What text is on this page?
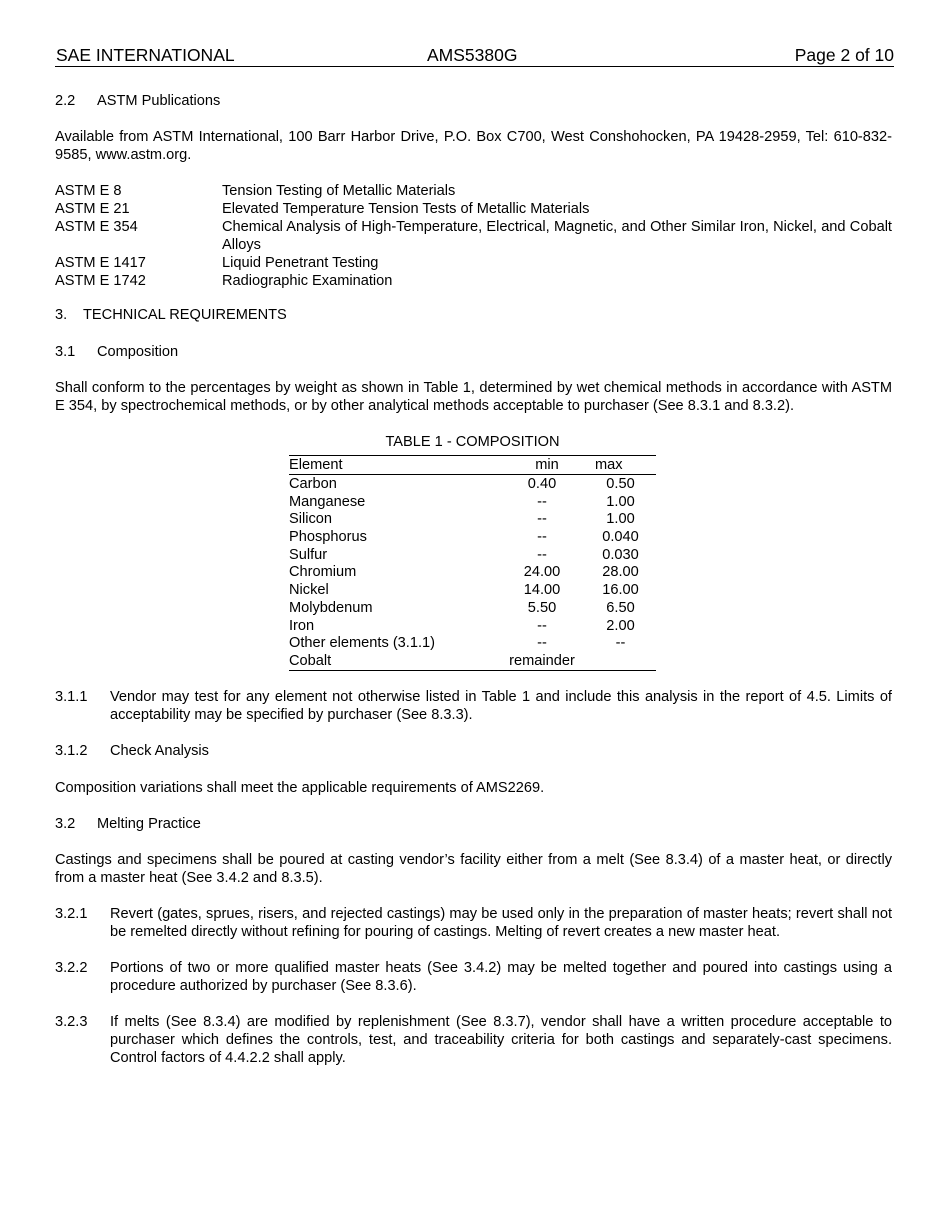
SAE INTERNATIONAL	AMS5380G	Page 2 of 10
2.2 ASTM Publications
Available from ASTM International, 100 Barr Harbor Drive, P.O. Box C700, West Conshohocken, PA 19428-2959, Tel: 610-832-9585, www.astm.org.
ASTM E 8	Tension Testing of Metallic Materials
ASTM E 21	Elevated Temperature Tension Tests of Metallic Materials
ASTM E 354	Chemical Analysis of High-Temperature, Electrical, Magnetic, and Other Similar Iron, Nickel, and Cobalt Alloys
ASTM E 1417	Liquid Penetrant Testing
ASTM E 1742	Radiographic Examination
3. TECHNICAL REQUIREMENTS
3.1 Composition
Shall conform to the percentages by weight as shown in Table 1, determined by wet chemical methods in accordance with ASTM E 354, by spectrochemical methods, or by other analytical methods acceptable to purchaser (See 8.3.1 and 8.3.2).
TABLE 1 - COMPOSITION
Element	min	max
Carbon	0.40	0.50
Manganese	--	1.00
Silicon	--	1.00
Phosphorus	--	0.040
Sulfur	--	0.030
Chromium	24.00	28.00
Nickel	14.00	16.00
Molybdenum	5.50	6.50
Iron	--	2.00
Other elements (3.1.1)	--	--
Cobalt	remainder
3.1.1	Vendor may test for any element not otherwise listed in Table 1 and include this analysis in the report of 4.5. Limits of acceptability may be specified by purchaser (See 8.3.3).
3.1.2	Check Analysis
Composition variations shall meet the applicable requirements of AMS2269.
3.2 Melting Practice
Castings and specimens shall be poured at casting vendor’s facility either from a melt (See 8.3.4) of a master heat, or directly from a master heat (See 3.4.2 and 8.3.5).
3.2.1	Revert (gates, sprues, risers, and rejected castings) may be used only in the preparation of master heats; revert shall not be remelted directly without refining for pouring of castings. Melting of revert creates a new master heat.
3.2.2	Portions of two or more qualified master heats (See 3.4.2) may be melted together and poured into castings using a procedure authorized by purchaser (See 8.3.6).
3.2.3	If melts (See 8.3.4) are modified by replenishment (See 8.3.7), vendor shall have a written procedure acceptable to purchaser which defines the controls, test, and traceability criteria for both castings and separately-cast specimens. Control factors of 4.4.2.2 shall apply.
